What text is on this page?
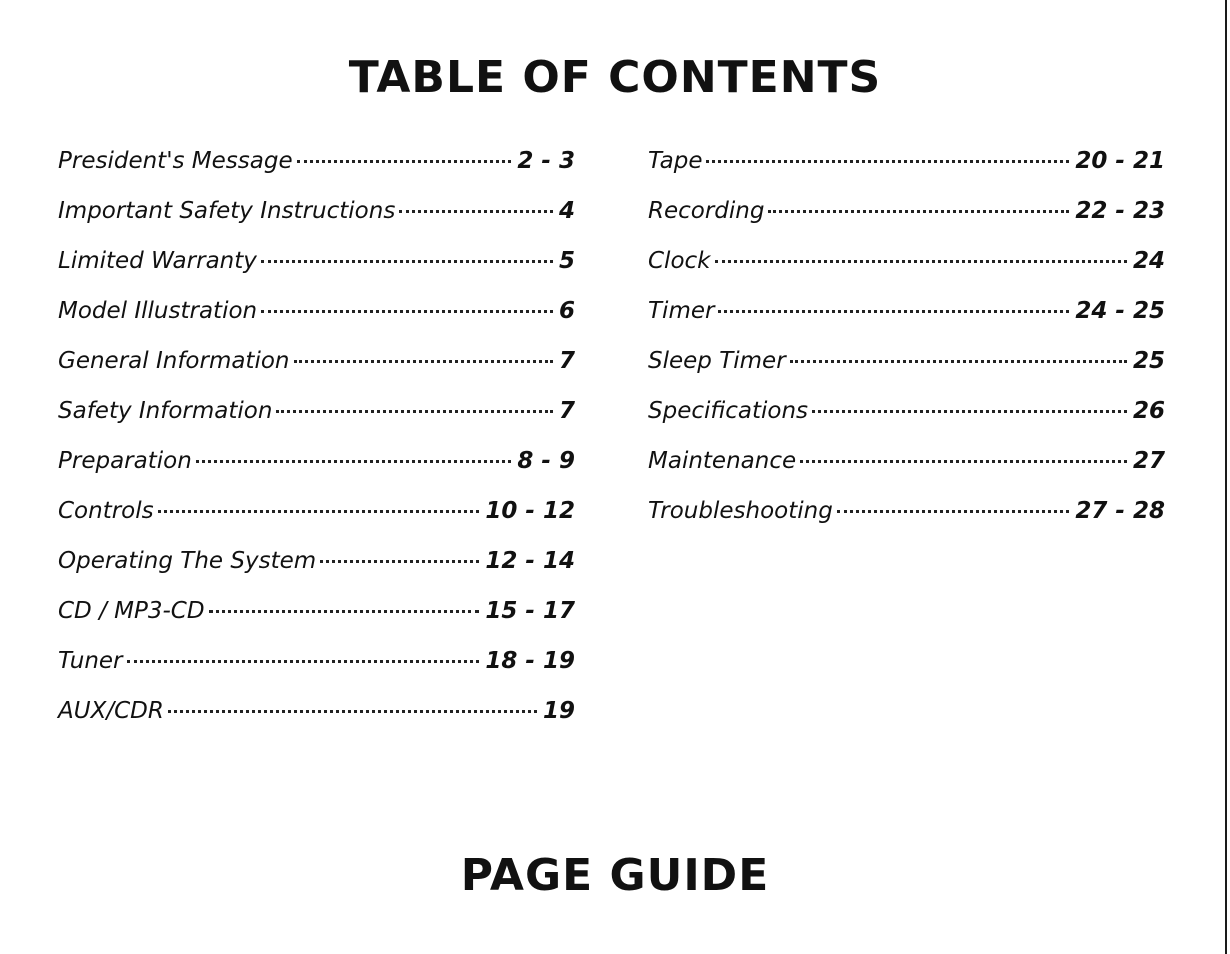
TABLE OF CONTENTS
President's Message	2 - 3
Important Safety Instructions	4
Limited Warranty	5
Model Illustration	6
General Information	7
Safety Information	7
Preparation	8 - 9
Controls	10 - 12
Operating The System	12 - 14
CD / MP3-CD	15 - 17
Tuner	18 - 19
AUX/CDR	19
Tape	20 - 21
Recording	22 - 23
Clock	24
Timer	24 - 25
Sleep Timer	25
Specifications	26
Maintenance	27
Troubleshooting	27 - 28
PAGE GUIDE
